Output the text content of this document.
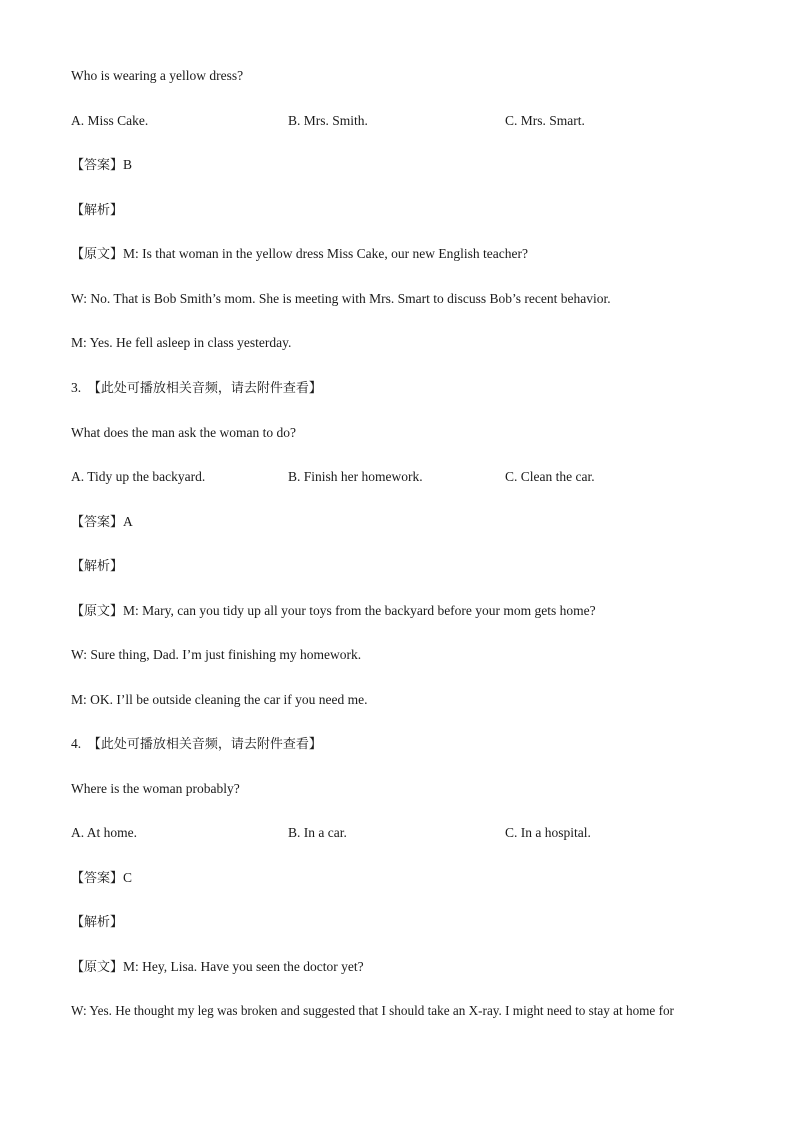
Who is wearing a yellow dress?
A. Miss Cake.	B. Mrs. Smith.	C. Mrs. Smart.
【答案】B
【解析】
【原文】M: Is that woman in the yellow dress Miss Cake, our new English teacher?
W: No. That is Bob Smith’s mom. She is meeting with Mrs. Smart to discuss Bob’s recent behavior.
M: Yes. He fell asleep in class yesterday.
3. 【此处可播放相关音频，请去附件查看】
What does the man ask the woman to do?
A. Tidy up the backyard.	B. Finish her homework.	C. Clean the car.
【答案】A
【解析】
【原文】M: Mary, can you tidy up all your toys from the backyard before your mom gets home?
W: Sure thing, Dad. I’m just finishing my homework.
M: OK. I’ll be outside cleaning the car if you need me.
4. 【此处可播放相关音频，请去附件查看】
Where is the woman probably?
A. At home.	B. In a car.	C. In a hospital.
【答案】C
【解析】
【原文】M: Hey, Lisa. Have you seen the doctor yet?
W: Yes. He thought my leg was broken and suggested that I should take an X-ray. I might need to stay at home for
